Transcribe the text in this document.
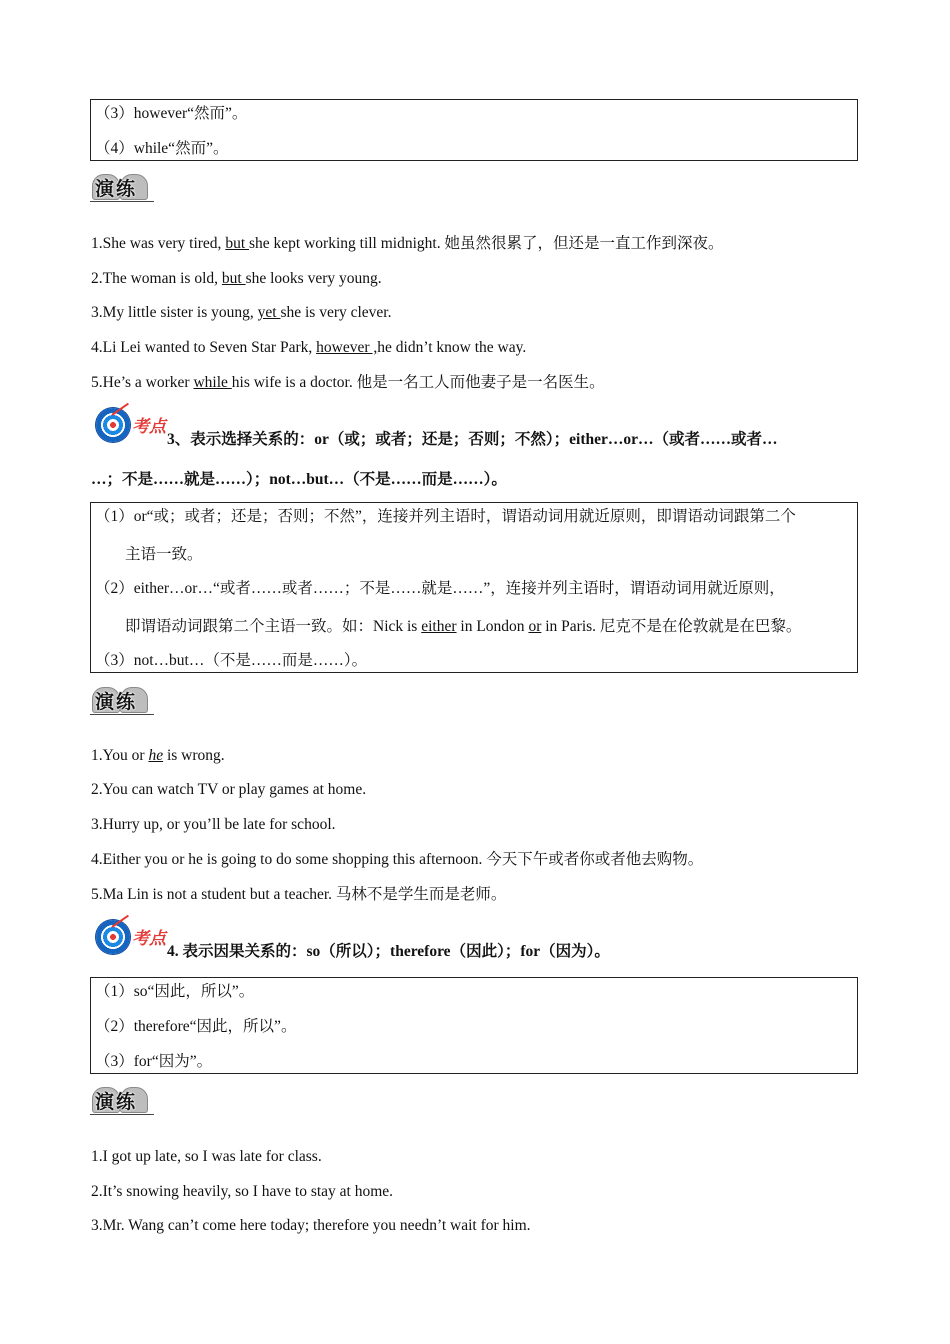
（3）however“然而”。
（4）while“然而”。
演练
1.She was very tired, but she kept working till midnight. 她虽然很累了，但还是一直工作到深夜。
2.The woman is old, but she looks very young.
3.My little sister is young, yet she is very clever.
4.Li Lei wanted to Seven Star Park, however ,he didn’t know the way.
5.He’s a worker while his wife is a doctor. 他是一名工人而他妻子是一名医生。
考点
3、表示选择关系的：or（或；或者；还是；否则；不然）；either…or…（或者……或者…
…；不是……就是……）；not…but…（不是……而是……）。
（1）or“或；或者；还是；否则；不然”，连接并列主语时，谓语动词用就近原则，即谓语动词跟第二个
主语一致。
（2）either…or…“或者……或者……；不是……就是……”，连接并列主语时，谓语动词用就近原则，
即谓语动词跟第二个主语一致。如：Nick is either in London or in Paris. 尼克不是在伦敦就是在巴黎。
（3）not…but…（不是……而是……）。
演练
1.You or he is wrong.
2.You can watch TV or play games at home.
3.Hurry up, or you’ll be late for school.
4.Either you or he is going to do some shopping this afternoon. 今天下午或者你或者他去购物。
5.Ma Lin is not a student but a teacher. 马林不是学生而是老师。
考点
4. 表示因果关系的：so（所以）；therefore（因此）；for（因为）。
（1）so“因此，所以”。
（2）therefore“因此，所以”。
（3）for“因为”。
演练
1.I got up late, so I was late for class.
2.It’s snowing heavily, so I have to stay at home.
3.Mr. Wang can’t come here today; therefore you needn’t wait for him.
